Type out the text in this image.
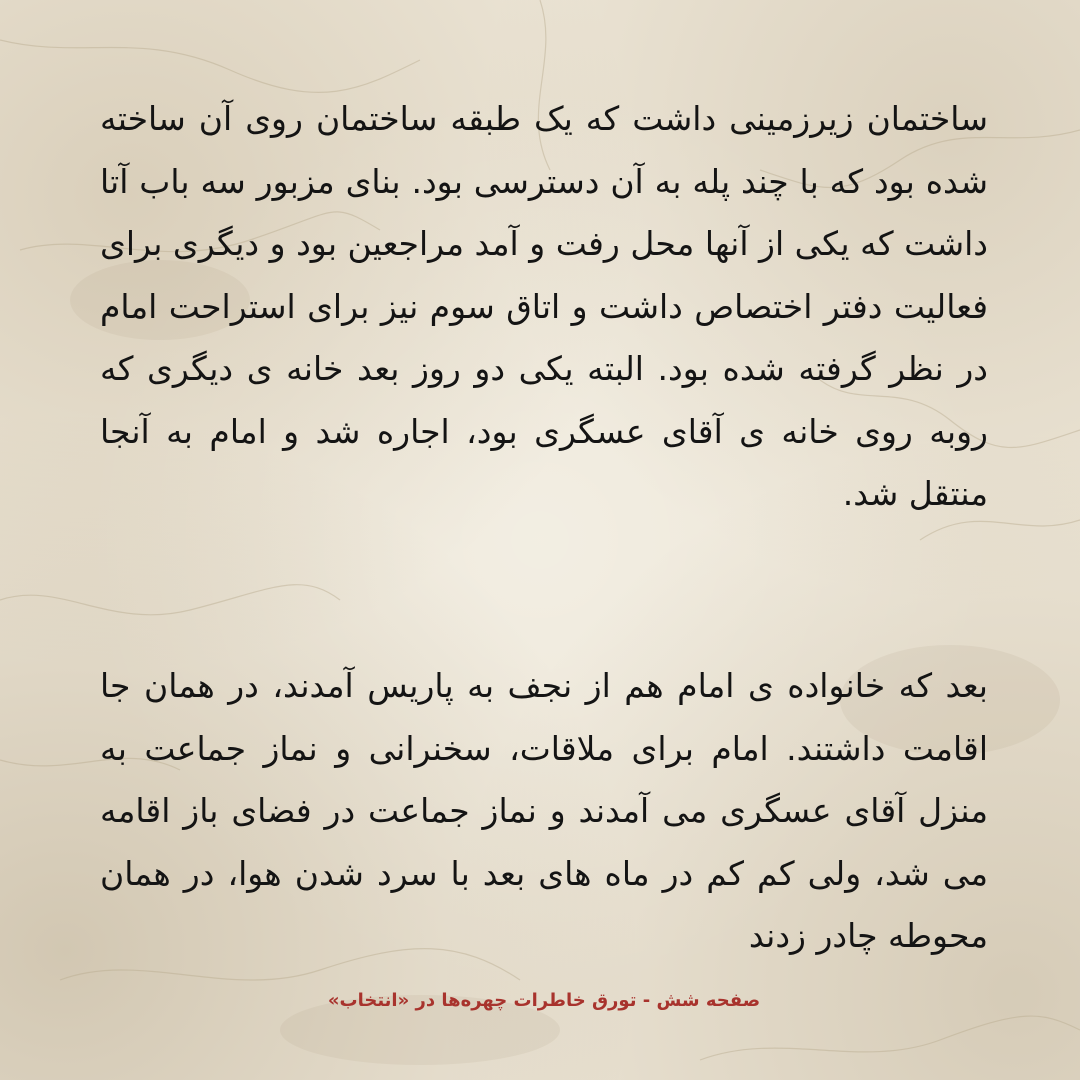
ساختمان زیرزمینی داشت که یک طبقه ساختمان روی آن ساخته شده بود که با چند پله به آن دسترسی بود. بنای مزبور سه باب آتا داشت که یکی از آنها محل رفت و آمد مراجعین بود و دیگری برای فعالیت دفتر اختصاص داشت و اتاق سوم نیز برای استراحت امام در نظر گرفته شده بود. البته یکی دو روز بعد خانه ی دیگری که روبه روی خانه ی آقای عسگری بود، اجاره شد و امام به آنجا منتقل شد.

بعد که خانواده ی امام هم از نجف به پاریس آمدند، در همان جا اقامت داشتند. امام برای ملاقات، سخنرانی و نماز جماعت به منزل آقای عسگری می آمدند و نماز جماعت در فضای باز اقامه می شد، ولی کم کم در ماه های بعد با سرد شدن هوا، در همان محوطه چادر زدند

صفحه شش - تورق خاطرات چهره‌ها در «انتخاب»
